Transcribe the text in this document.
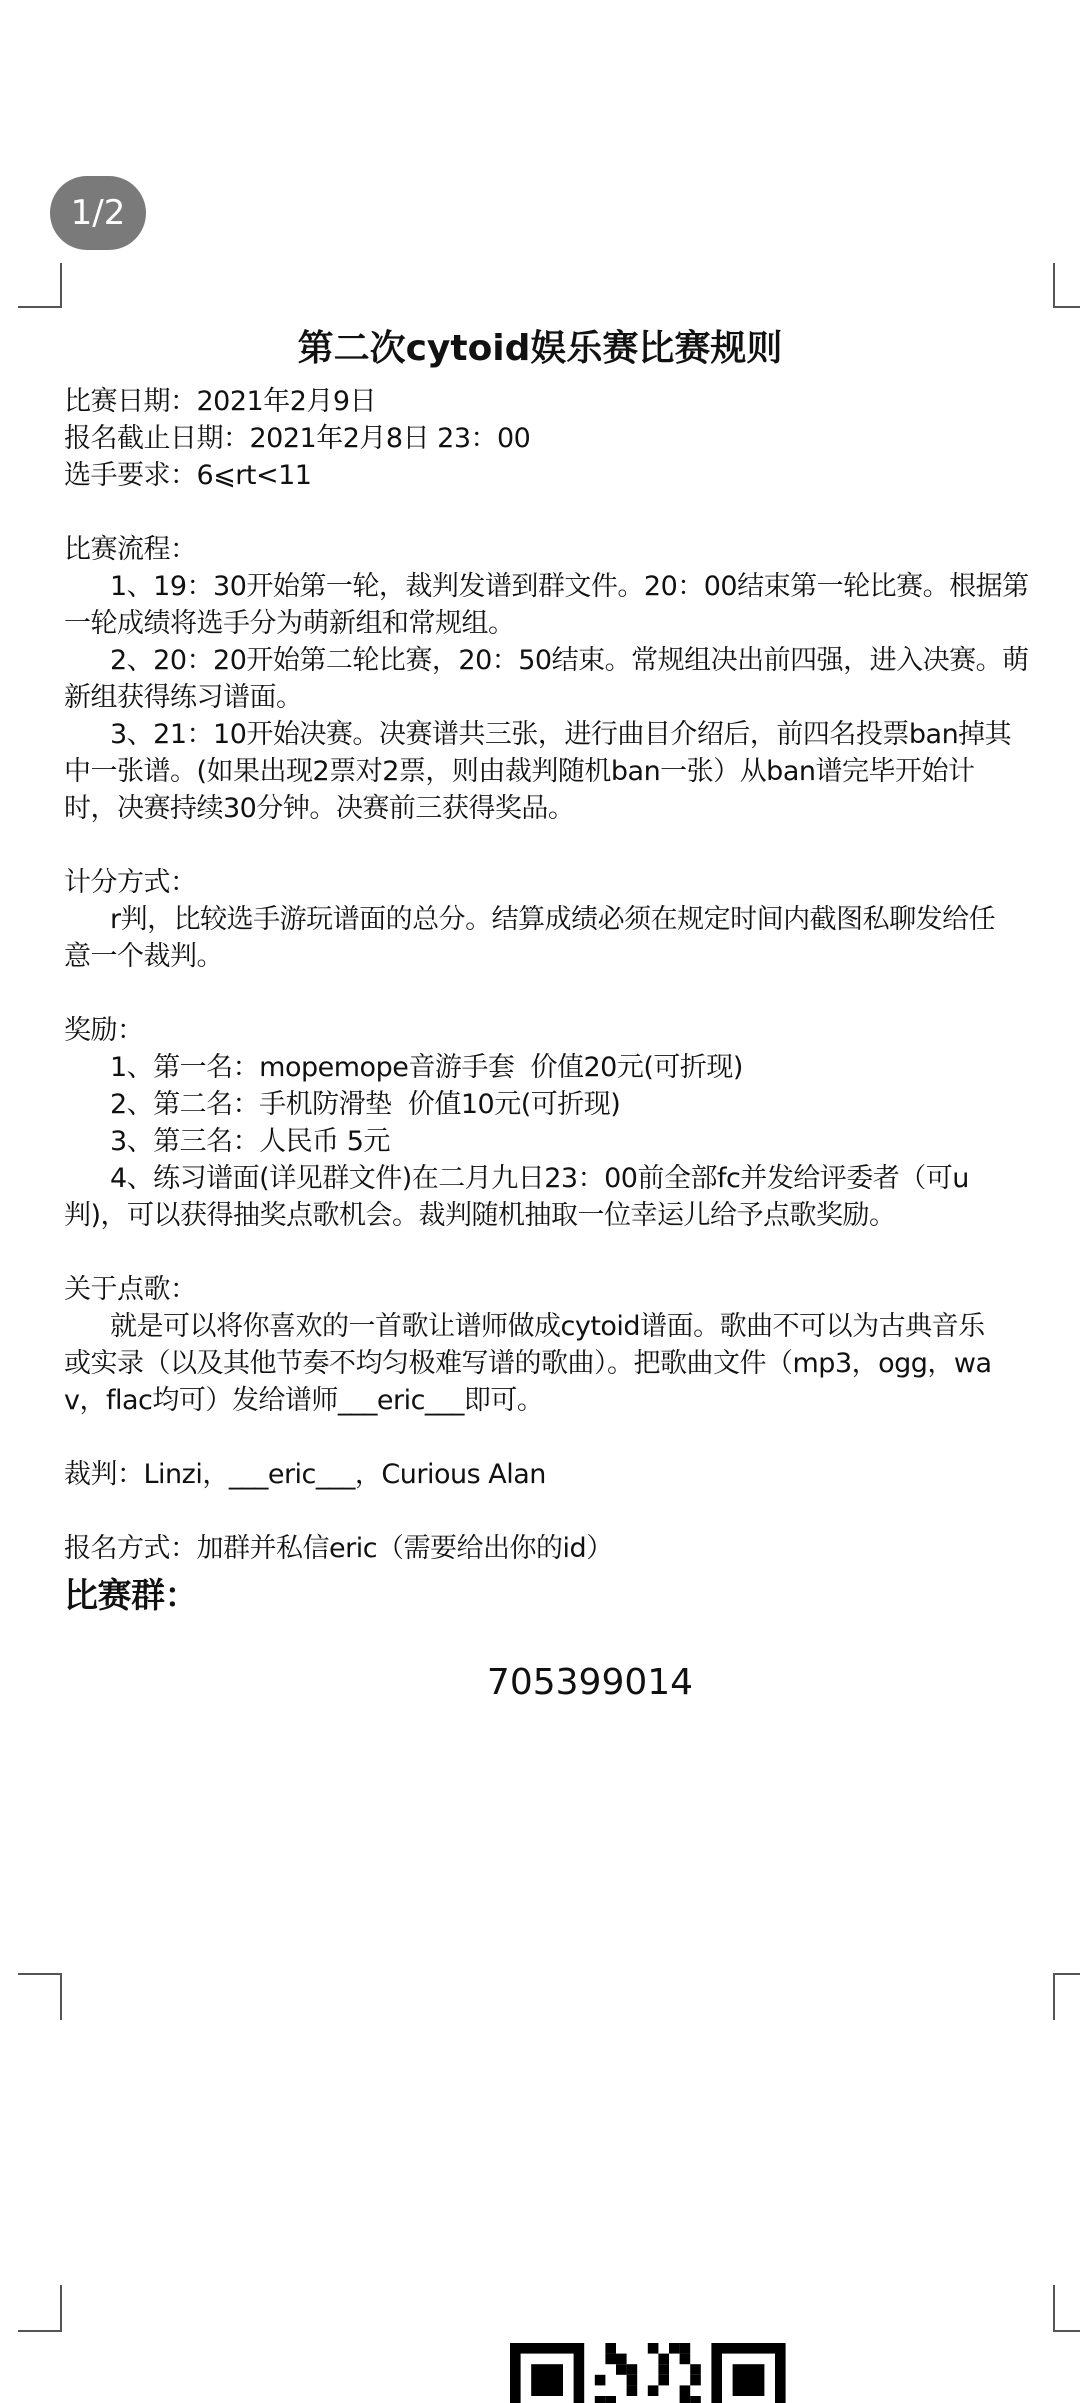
1/2
第二次cytoid娱乐赛比赛规则
比赛日期：2021年2月9日
报名截止日期：2021年2月8日 23：00
选手要求：6⩽rt<11
比赛流程：
1、19：30开始第一轮，裁判发谱到群文件。20：00结束第一轮比赛。根据第
一轮成绩将选手分为萌新组和常规组。
2、20：20开始第二轮比赛，20：50结束。常规组决出前四强，进入决赛。萌
新组获得练习谱面。
3、21：10开始决赛。决赛谱共三张，进行曲目介绍后，前四名投票ban掉其
中一张谱。(如果出现2票对2票，则由裁判随机ban一张）从ban谱完毕开始计
时，决赛持续30分钟。决赛前三获得奖品。
计分方式：
r判，比较选手游玩谱面的总分。结算成绩必须在规定时间内截图私聊发给任
意一个裁判。
奖励：
1、第一名：mopemope音游手套  价值20元(可折现)
2、第二名：手机防滑垫  价值10元(可折现)
3、第三名：人民币 5元
4、练习谱面(详见群文件)在二月九日23：00前全部fc并发给评委者（可u
判)，可以获得抽奖点歌机会。裁判随机抽取一位幸运儿给予点歌奖励。
关于点歌：
就是可以将你喜欢的一首歌让谱师做成cytoid谱面。歌曲不可以为古典音乐
或实录（以及其他节奏不均匀极难写谱的歌曲）。把歌曲文件（mp3，ogg，wa
v，flac均可）发给谱师___eric___即可。
裁判：Linzi，___eric___，Curious Alan
报名方式：加群并私信eric（需要给出你的id）
比赛群：
705399014
